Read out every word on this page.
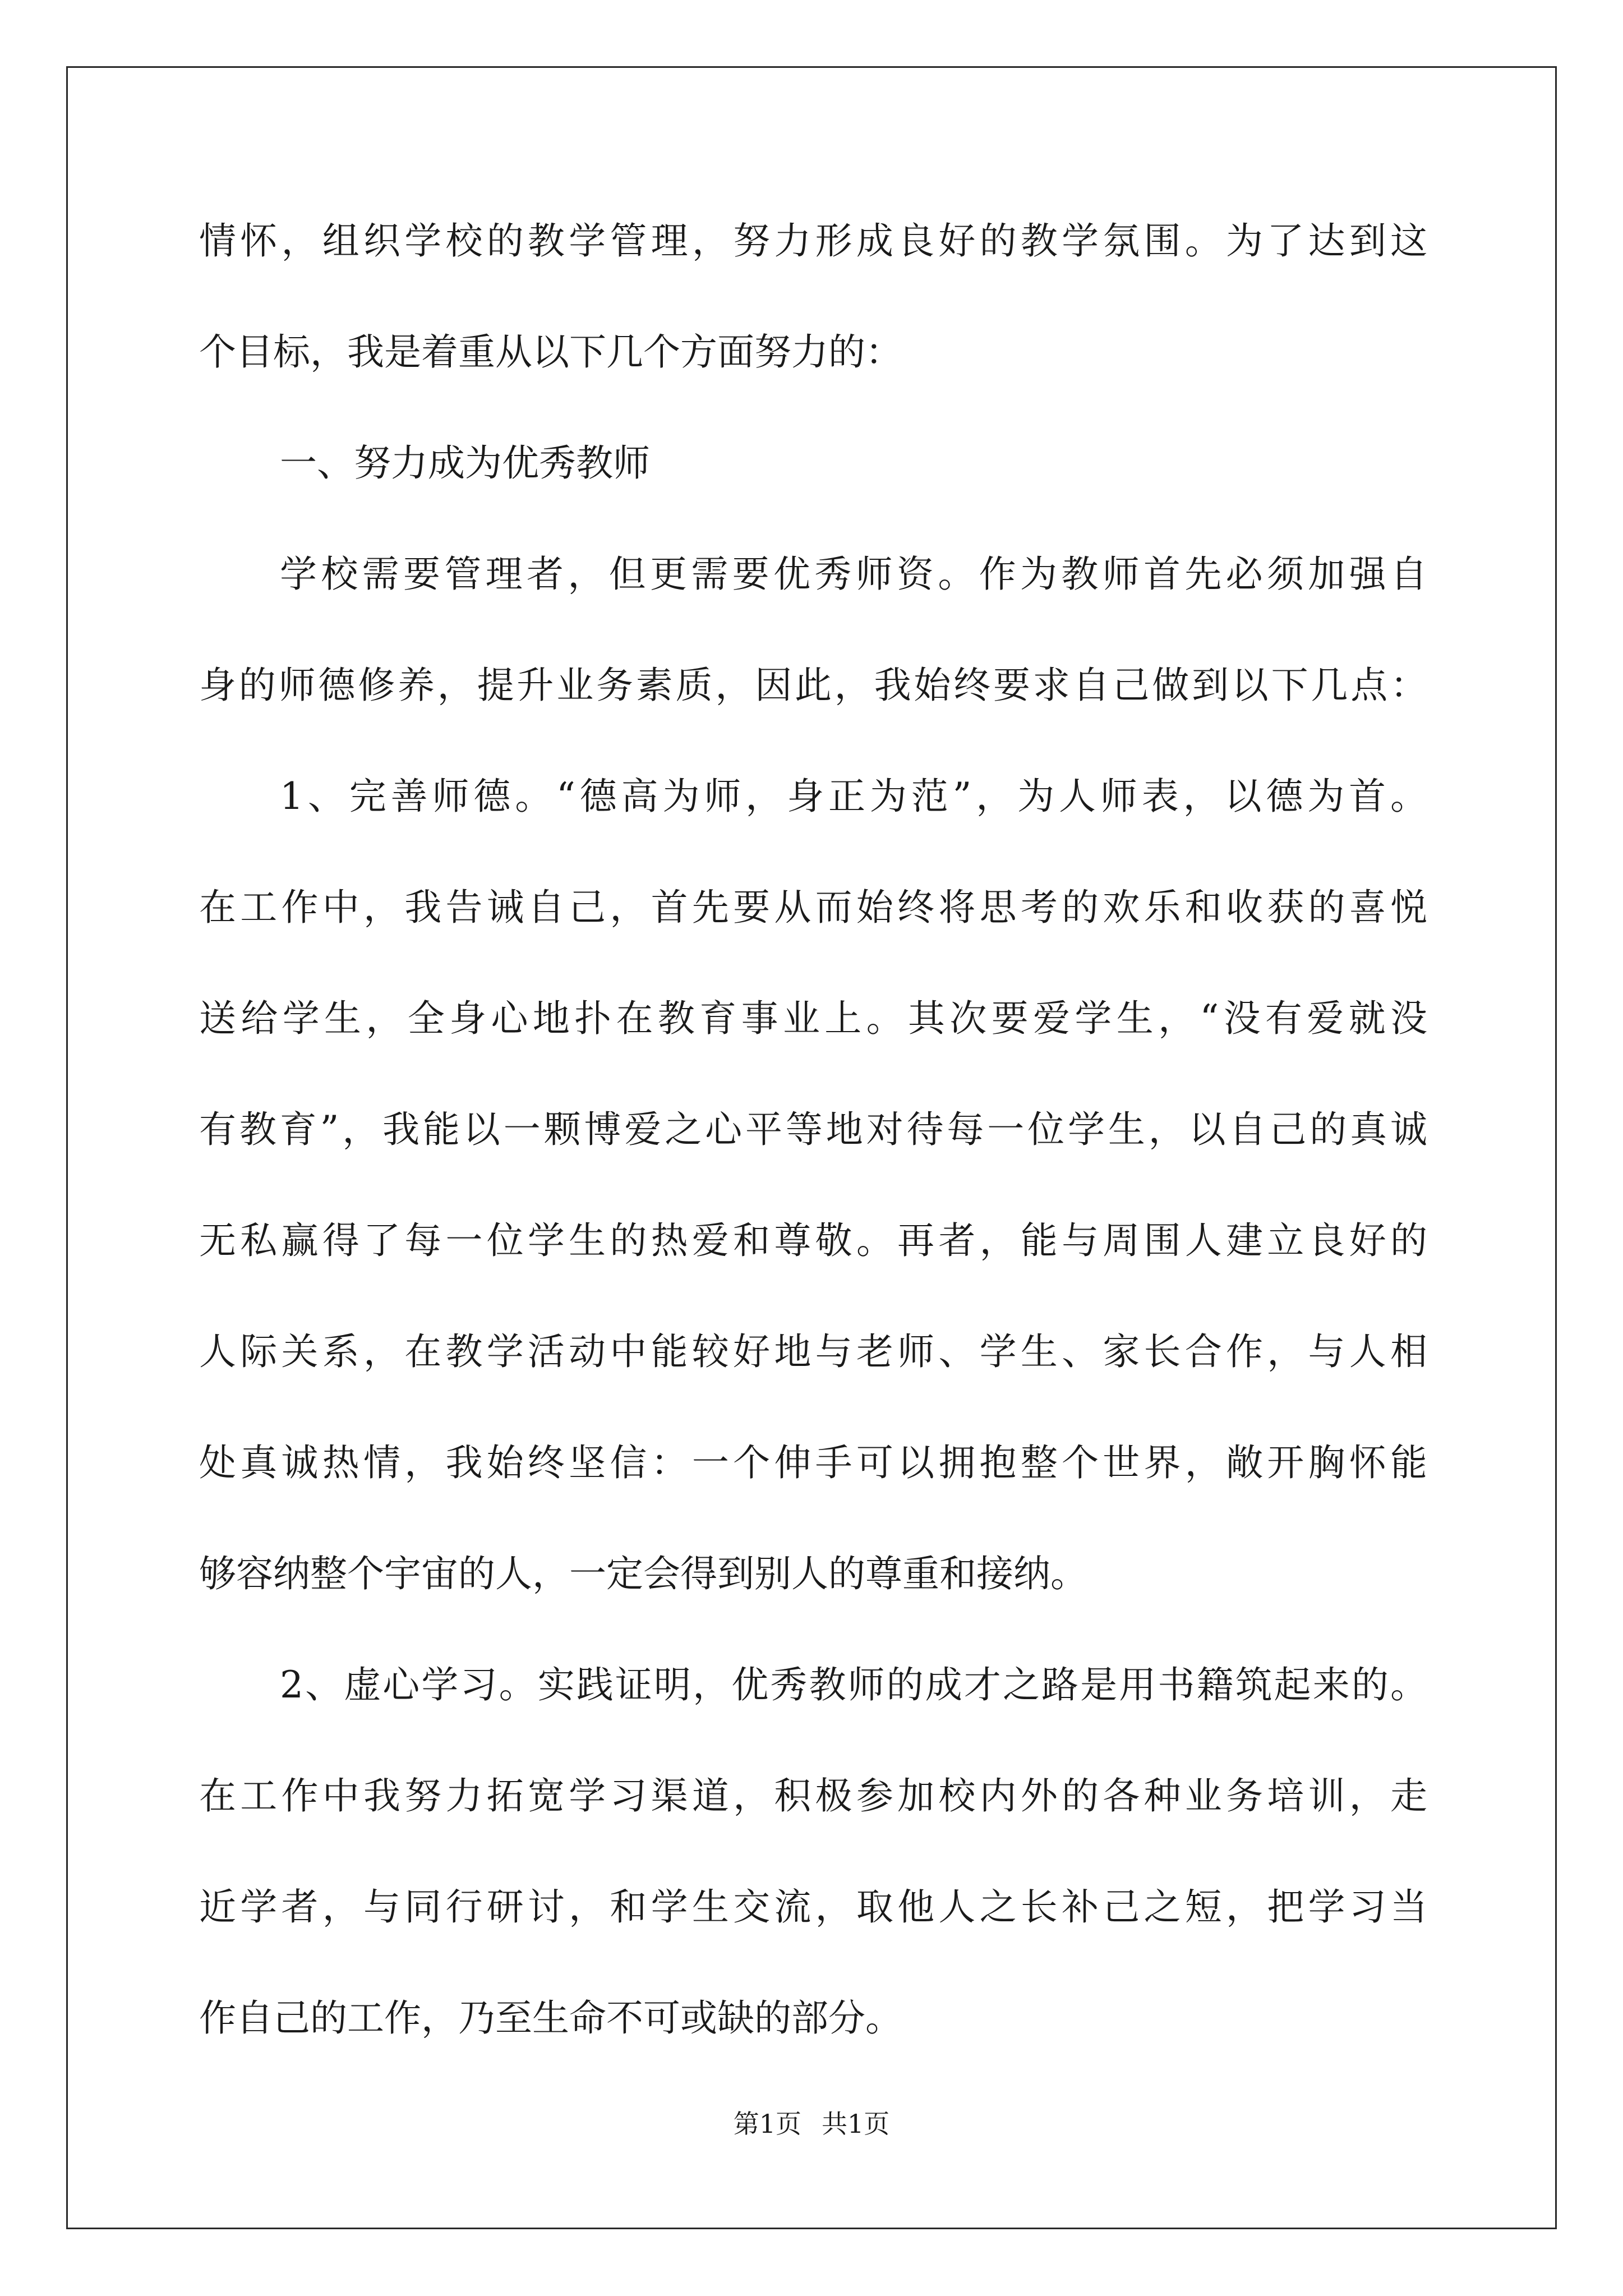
情怀，组织学校的教学管理，努力形成良好的教学氛围。为了达到这
个目标，我是着重从以下几个方面努力的：
一、努力成为优秀教师
学校需要管理者，但更需要优秀师资。作为教师首先必须加强自
身的师德修养，提升业务素质，因此，我始终要求自己做到以下几点：
1、完善师德。“德高为师，身正为范”，为人师表，以德为首。
在工作中，我告诫自己，首先要从而始终将思考的欢乐和收获的喜悦
送给学生，全身心地扑在教育事业上。其次要爱学生，“没有爱就没
有教育”，我能以一颗博爱之心平等地对待每一位学生，以自己的真诚
无私赢得了每一位学生的热爱和尊敬。再者，能与周围人建立良好的
人际关系，在教学活动中能较好地与老师、学生、家长合作，与人相
处真诚热情，我始终坚信：一个伸手可以拥抱整个世界，敞开胸怀能
够容纳整个宇宙的人，一定会得到别人的尊重和接纳。
2、虚心学习。实践证明，优秀教师的成才之路是用书籍筑起来的。
在工作中我努力拓宽学习渠道，积极参加校内外的各种业务培训，走
近学者，与同行研讨，和学生交流，取他人之长补己之短，把学习当
作自己的工作，乃至生命不可或缺的部分。
第1页 共1页
